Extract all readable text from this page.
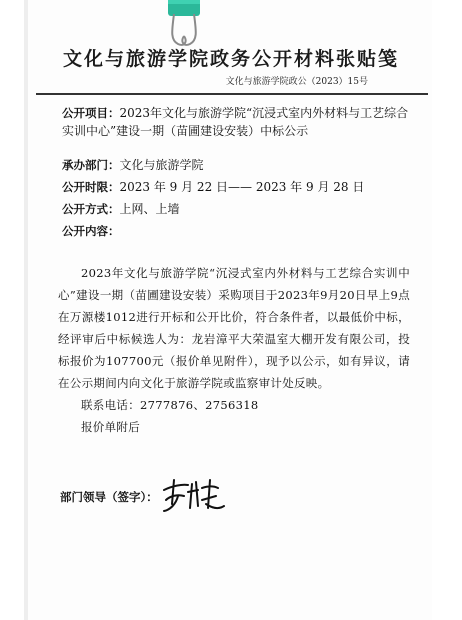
文化与旅游学院政务公开材料张贴笺
文化与旅游学院政公（2023）15号
公开项目：2023年文化与旅游学院“沉浸式室内外材料与工艺综合实训中心”建设一期（苗圃建设安装）中标公示
承办部门：文化与旅游学院
公开时限：2023 年 9 月 22 日—— 2023 年 9 月 28 日
公开方式：上网、上墙
公开内容：

2023年文化与旅游学院“沉浸式室内外材料与工艺综合实训中心”建设一期（苗圃建设安装）采购项目于2023年9月20日早上9点在万源楼1012进行开标和公开比价，符合条件者，以最低价中标，经评审后中标候选人为：龙岩漳平大荣温室大棚开发有限公司，投标报价为107700元（报价单见附件），现予以公示，如有异议，请在公示期间内向文化于旅游学院或监察审计处反映。

联系电话：2777876、2756318

报价单附后

部门领导（签字）：
